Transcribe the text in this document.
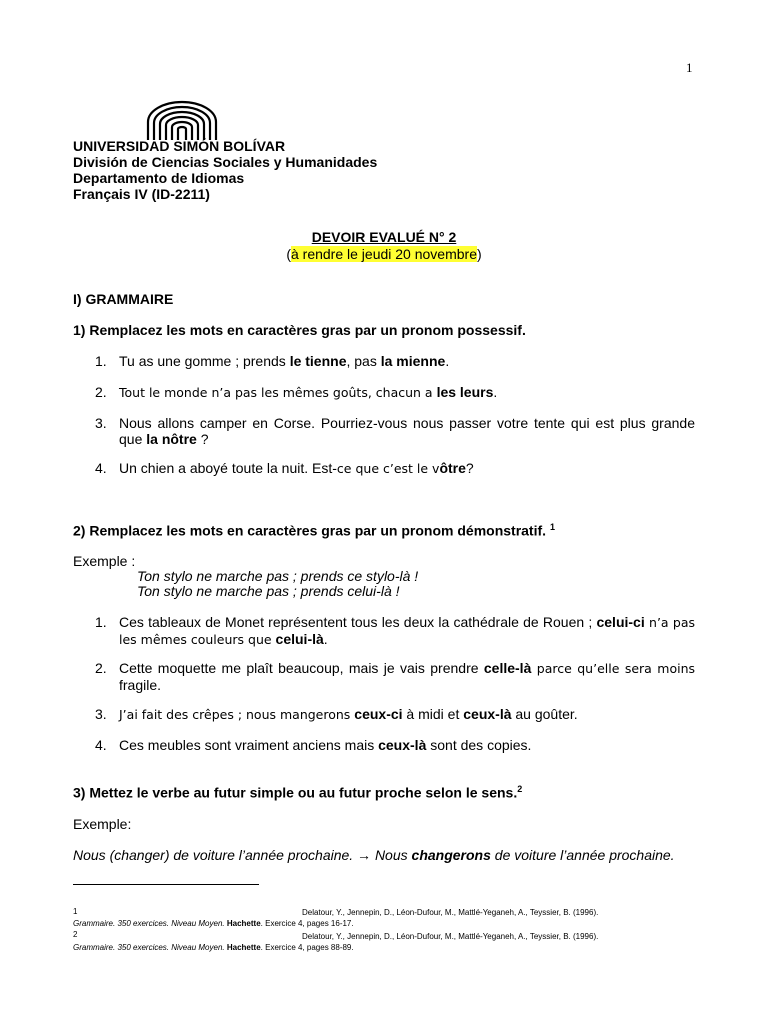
1
UNIVERSIDAD SIMÓN BOLÍVAR
División de Ciencias Sociales y Humanidades
Departamento de Idiomas
Français IV (ID-2211)
DEVOIR EVALUÉ N° 2
(à rendre le jeudi 20 novembre)
I) GRAMMAIRE
1) Remplacez les mots en caractères gras par un pronom possessif.
1. Tu as une gomme ; prends le tienne, pas la mienne.
2. Tout le monde n’a pas les mêmes goûts, chacun a les leurs.
3. Nous allons camper en Corse. Pourriez-vous nous passer votre tente qui est plus grande que la nôtre ?
4. Un chien a aboyé toute la nuit. Est-ce que c’est le vôtre?
2) Remplacez les mots en caractères gras par un pronom démonstratif. $^1$
Exemple :
Ton stylo ne marche pas ; prends ce stylo-là !
Ton stylo ne marche pas ; prends celui-là !
1. Ces tableaux de Monet représentent tous les deux la cathédrale de Rouen ; celui-ci n’a pas les mêmes couleurs que celui-là.
2. Cette moquette me plaît beaucoup, mais je vais prendre celle-là parce qu’elle sera moins
fragile.
3. J’ai fait des crêpes ; nous mangerons ceux-ci à midi et ceux-là au goûter.
4. Ces meubles sont vraiment anciens mais ceux-là sont des copies.
3) Mettez le verbe au futur simple ou au futur proche selon le sens.$^2$
Exemple:
Nous (changer) de voiture l’année prochaine. → Nous changerons de voiture l’année prochaine.
1	Delatour, Y., Jennepin, D., Léon-Dufour, M., Mattlé-Yeganeh, A., Teyssier, B. (1996).
Grammaire. 350 exercices. Niveau Moyen. Hachette. Exercice 4, pages 16-17.
2	Delatour, Y., Jennepin, D., Léon-Dufour, M., Mattlé-Yeganeh, A., Teyssier, B. (1996).
Grammaire. 350 exercices. Niveau Moyen. Hachette. Exercice 4, pages 88-89.
